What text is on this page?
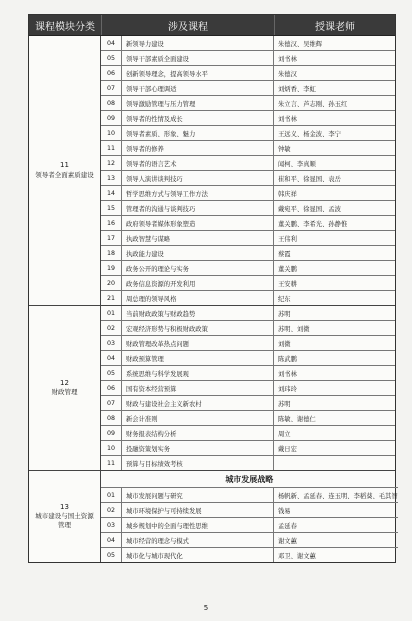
课程模块分类	涉及课程	授课老师
11
领导者全面素质建设
04	新领导力建设	朱德汉、吴维辉
05	领导干部素质全面建设	刘书林
06	创新领导理念，提高领导水平	朱德汉
07	领导干部心理调适	刘炳香、李虹
08	领导激励管理与压力管理	朱立言、芦志刚、孙玉红
09	领导者的性情及成长	刘书林
10	领导者素质、形象、魅力	王远义、杨金波、李宁
11	领导者的修养	钟敏
12	领导者的语言艺术	闻柯、李真顺
13	领导人演讲谈判技巧	崔和平、徐显国、袁岳
14	哲学思维方式与领导工作方法	韩庆祥
15	管理者的沟通与谈判技巧	戴宛平、徐显国、孟波
16	政府领导者媒体形象塑造	董关鹏、李希光、孙静惟
17	执政智慧与谋略	王伟利
18	执政能力建设	蔡霞
19	政务公开的理论与实务	董关鹏
20	政务信息资源的开发利用	王安耕
21	周总理的领导风格	纪东
12
财政管理
01	当前财政政策与财政趋势	苏明
02	宏观经济形势与积极财政政策	苏明、刘微
03	财政管理改革热点问题	刘微
04	财政预算管理	陈武鹏
05	系统思维与科学发展观	刘书林
06	国有资本经营预算	刘玮玲
07	财政与建设社会主义新农村	苏明
08	新会计准则	陈敏、谢德仁
09	财务报表结构分析	周立
10	投融资策划实务	戴日宏
11	预算与目标绩效考核
13
城市建设与国土资源管理
城市发展战略
01	城市发展问题与研究	杨帆新、孟延春、连玉明、李稻葵、毛其智
02	城市环境保护与可持续发展	钱易
03	城乡规划中的全面与理性思维	孟延春
04	城市经营的理念与模式	谢文蕙
05	城市化与城市现代化	邓卫、谢文蕙
5
